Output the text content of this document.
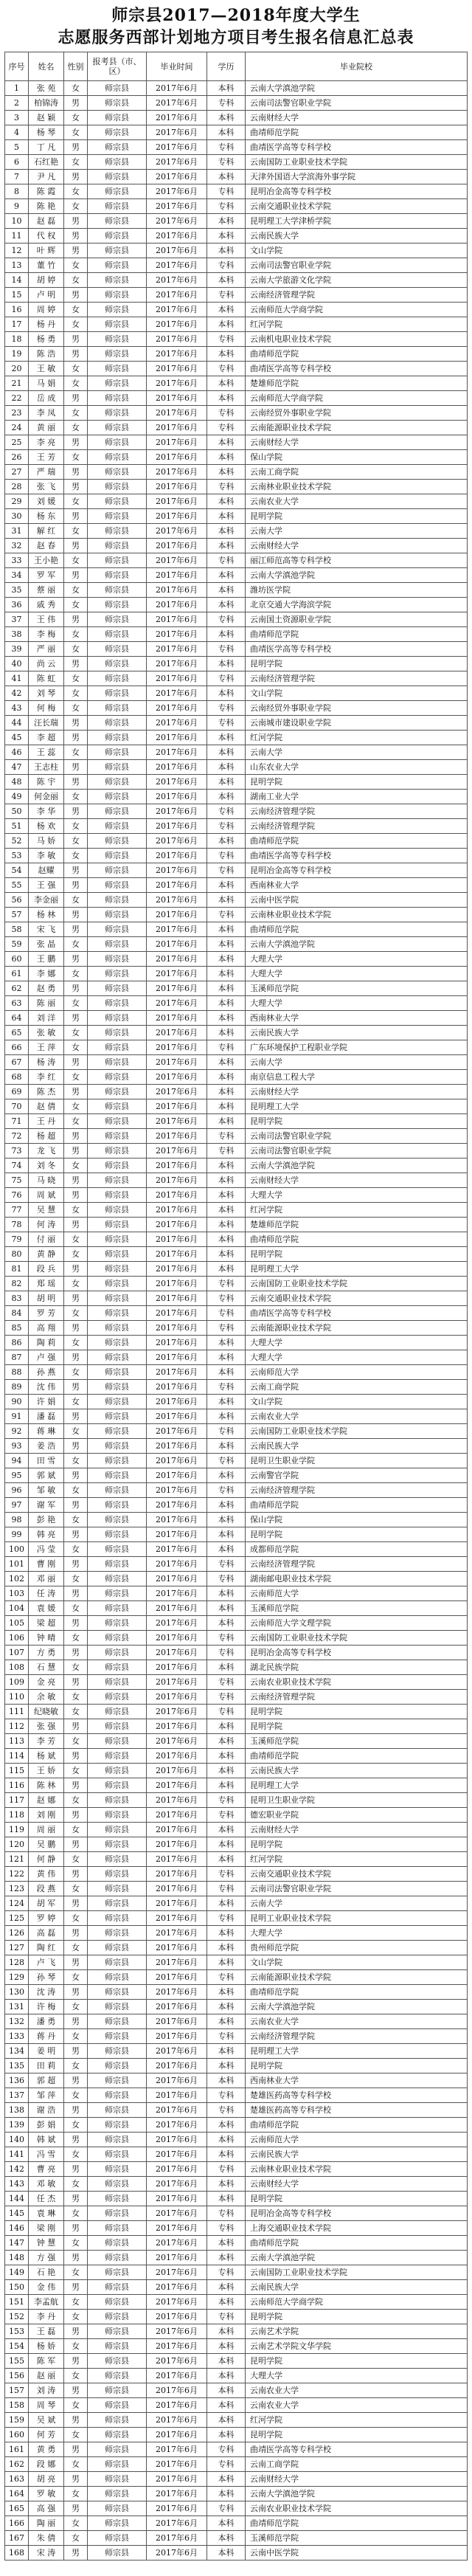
师宗县2017—2018年度大学生
志愿服务西部计划地方项目考生报名信息汇总表
序号	姓名	性别	报考县（市、区）	毕业时间	学历	毕业院校
1	张 苑	女	师宗县	2017年6月	本科	云南大学滇池学院
2	柏锦涛	男	师宗县	2017年6月	专科	云南司法警官职业学院
3	赵 颖	女	师宗县	2017年6月	本科	云南财经大学
4	杨 琴	女	师宗县	2017年6月	本科	曲靖师范学院
5	丁 凡	男	师宗县	2017年6月	专科	曲靖医学高等专科学校
6	石红艳	女	师宗县	2017年6月	专科	云南国防工业职业技术学院
7	尹 凡	男	师宗县	2017年6月	本科	天津外国语大学滨海外事学院
8	陈 霞	女	师宗县	2017年6月	专科	昆明冶金高等专科学校
9	陈 艳	女	师宗县	2017年6月	专科	云南交通职业技术学院
10	赵 磊	男	师宗县	2017年6月	本科	昆明理工大学津桥学院
11	代 权	男	师宗县	2017年6月	本科	云南民族大学
12	叶 辉	男	师宗县	2017年6月	本科	文山学院
13	董 竹	女	师宗县	2017年6月	专科	云南司法警官职业学院
14	胡 婷	女	师宗县	2017年6月	本科	云南大学旅游文化学院
15	卢 明	男	师宗县	2017年6月	专科	云南经济管理学院
16	周 婷	女	师宗县	2017年6月	本科	云南师范大学商学院
17	杨 丹	女	师宗县	2017年6月	本科	红河学院
18	杨 勇	男	师宗县	2017年6月	专科	云南机电职业技术学院
19	陈 浩	男	师宗县	2017年6月	本科	曲靖师范学院
20	王 敏	女	师宗县	2017年6月	专科	曲靖医学高等专科学校
21	马 娟	女	师宗县	2017年6月	本科	楚雄师范学院
22	岳 成	男	师宗县	2017年6月	本科	云南师范大学商学院
23	李 凤	女	师宗县	2017年6月	专科	云南经贸外事职业学院
24	黄 丽	女	师宗县	2017年6月	专科	云南能源职业技术学院
25	李 亮	男	师宗县	2017年6月	本科	云南财经大学
26	王 芳	女	师宗县	2017年6月	本科	保山学院
27	严 瑞	男	师宗县	2017年6月	本科	云南工商学院
28	张 飞	男	师宗县	2017年6月	专科	云南林业职业技术学院
29	刘 媛	女	师宗县	2017年6月	本科	云南农业大学
30	杨 东	男	师宗县	2017年6月	本科	昆明学院
31	解 红	女	师宗县	2017年6月	本科	云南大学
32	赵 春	男	师宗县	2017年6月	本科	云南财经大学
33	王小艳	女	师宗县	2017年6月	专科	丽江师范高等专科学校
34	罗 军	男	师宗县	2017年6月	本科	云南大学滇池学院
35	蔡 丽	女	师宗县	2017年6月	本科	潍坊医学院
36	戚 秀	女	师宗县	2017年6月	本科	北京交通大学海滨学院
37	王 伟	男	师宗县	2017年6月	专科	云南国土资源职业学院
38	李 梅	女	师宗县	2017年6月	本科	曲靖师范学院
39	严 丽	女	师宗县	2017年6月	专科	曲靖医学高等专科学校
40	尚 云	男	师宗县	2017年6月	本科	昆明学院
41	陈 虹	女	师宗县	2017年6月	专科	云南经济管理学院
42	刘 琴	女	师宗县	2017年6月	本科	文山学院
43	何 梅	女	师宗县	2017年6月	专科	云南经贸外事职业学院
44	汪长瑞	男	师宗县	2017年6月	专科	云南城市建设职业学院
45	李 超	男	师宗县	2017年6月	本科	红河学院
46	王 蕊	女	师宗县	2017年6月	本科	云南大学
47	王志柱	男	师宗县	2017年6月	本科	山东农业大学
48	陈 宇	男	师宗县	2017年6月	本科	昆明学院
49	何金丽	女	师宗县	2017年6月	本科	湖南工业大学
50	李 华	男	师宗县	2017年6月	专科	云南经济管理学院
51	杨 欢	女	师宗县	2017年6月	专科	云南经济管理学院
52	马 娇	女	师宗县	2017年6月	本科	曲靖师范学院
53	李 敏	女	师宗县	2017年6月	专科	曲靖医学高等专科学校
54	赵耀	男	师宗县	2017年6月	专科	昆明冶金高等专科学校
55	王 强	男	师宗县	2017年6月	本科	西南林业大学
56	李金丽	女	师宗县	2017年6月	本科	云南中医学院
57	杨 林	男	师宗县	2017年6月	专科	云南林业职业技术学院
58	宋 飞	男	师宗县	2017年6月	本科	曲靖师范学院
59	张 晶	女	师宗县	2017年6月	本科	云南大学滇池学院
60	王 鹏	男	师宗县	2017年6月	本科	大理大学
61	李 娜	女	师宗县	2017年6月	本科	大理大学
62	赵 勇	男	师宗县	2017年6月	本科	玉溪师范学院
63	陈 丽	女	师宗县	2017年6月	本科	大理大学
64	刘 洋	男	师宗县	2017年6月	本科	西南林业大学
65	张 敏	女	师宗县	2017年6月	本科	云南民族大学
66	王 萍	女	师宗县	2017年6月	专科	广东环境保护工程职业学院
67	杨 涛	男	师宗县	2017年6月	本科	云南大学
68	李 红	女	师宗县	2017年6月	本科	南京信息工程大学
69	陈 杰	男	师宗县	2017年6月	本科	云南财经大学
70	赵 倩	女	师宗县	2017年6月	本科	昆明理工大学
71	王 丹	女	师宗县	2017年6月	本科	昆明学院
72	杨 超	男	师宗县	2017年6月	专科	云南司法警官职业学院
73	龙 飞	男	师宗县	2017年6月	专科	云南司法警官职业学院
74	刘 冬	女	师宗县	2017年6月	本科	云南大学滇池学院
75	马 晓	男	师宗县	2017年6月	本科	云南财经大学
76	周 斌	男	师宗县	2017年6月	本科	大理大学
77	吴 慧	女	师宗县	2017年6月	本科	红河学院
78	何 涛	男	师宗县	2017年6月	本科	楚雄师范学院
79	付 丽	女	师宗县	2017年6月	本科	曲靖师范学院
80	黄 静	女	师宗县	2017年6月	本科	昆明学院
81	段 兵	男	师宗县	2017年6月	本科	昆明理工大学
82	郑 瑶	女	师宗县	2017年6月	专科	云南国防工业职业技术学院
83	胡 明	男	师宗县	2017年6月	专科	云南交通职业技术学院
84	罗 芳	女	师宗县	2017年6月	专科	曲靖医学高等专科学校
85	高 翔	男	师宗县	2017年6月	专科	云南能源职业技术学院
86	陶 莉	女	师宗县	2017年6月	本科	大理大学
87	卢 强	男	师宗县	2017年6月	本科	大理大学
88	孙 燕	女	师宗县	2017年6月	本科	云南师范大学
89	沈 伟	男	师宗县	2017年6月	专科	云南工商学院
90	许 娟	女	师宗县	2017年6月	本科	文山学院
91	潘 磊	男	师宗县	2017年6月	本科	云南农业大学
92	蒋 琳	女	师宗县	2017年6月	专科	云南国防工业职业技术学院
93	姜 浩	男	师宗县	2017年6月	本科	云南民族大学
94	田 雪	女	师宗县	2017年6月	专科	昆明卫生职业学院
95	郭 斌	男	师宗县	2017年6月	本科	云南警官学院
96	邹 敏	女	师宗县	2017年6月	专科	云南经济管理学院
97	谢 军	男	师宗县	2017年6月	本科	曲靖师范学院
98	彭 艳	女	师宗县	2017年6月	本科	保山学院
99	韩 亮	男	师宗县	2017年6月	本科	昆明学院
100	冯 莹	女	师宗县	2017年6月	本科	成都师范学院
101	曹 刚	男	师宗县	2017年6月	专科	云南经济管理学院
102	邓 丽	女	师宗县	2017年6月	专科	湖南邮电职业技术学院
103	任 涛	男	师宗县	2017年6月	本科	云南师范大学
104	袁 媛	女	师宗县	2017年6月	本科	玉溪师范学院
105	梁 超	男	师宗县	2017年6月	本科	云南师范大学文理学院
106	钟 晴	女	师宗县	2017年6月	专科	云南国防工业职业技术学院
107	方 勇	男	师宗县	2017年6月	专科	昆明冶金高等专科学校
108	石 慧	女	师宗县	2017年6月	本科	湖北民族学院
109	金 亮	男	师宗县	2017年6月	专科	云南农业职业技术学院
110	余 敏	女	师宗县	2017年6月	专科	云南经济管理学院
111	纪晓敏	女	师宗县	2017年6月	专科	昆明学院
112	张 强	男	师宗县	2017年6月	本科	昆明学院
113	李 芳	女	师宗县	2017年6月	本科	玉溪师范学院
114	杨 斌	男	师宗县	2017年6月	本科	曲靖师范学院
115	王 娇	女	师宗县	2017年6月	本科	云南民族大学
116	陈 林	男	师宗县	2017年6月	本科	昆明理工大学
117	赵 娜	女	师宗县	2017年6月	专科	昆明卫生职业学院
118	刘 刚	男	师宗县	2017年6月	专科	德宏职业学院
119	周 丽	女	师宗县	2017年6月	本科	云南财经大学
120	吴 鹏	男	师宗县	2017年6月	本科	昆明学院
121	何 静	女	师宗县	2017年6月	本科	红河学院
122	黄 伟	男	师宗县	2017年6月	专科	云南交通职业技术学院
123	段 燕	女	师宗县	2017年6月	专科	云南司法警官职业学院
124	胡 军	男	师宗县	2017年6月	本科	云南大学
125	罗 婷	女	师宗县	2017年6月	专科	昆明工业职业技术学院
126	高 磊	男	师宗县	2017年6月	本科	大理大学
127	陶 红	女	师宗县	2017年6月	本科	贵州师范学院
128	卢 飞	男	师宗县	2017年6月	本科	文山学院
129	孙 琴	女	师宗县	2017年6月	专科	云南能源职业技术学院
130	沈 涛	男	师宗县	2017年6月	本科	曲靖师范学院
131	许 梅	女	师宗县	2017年6月	本科	云南大学滇池学院
132	潘 勇	男	师宗县	2017年6月	本科	云南农业大学
133	蒋 丹	女	师宗县	2017年6月	专科	云南经济管理学院
134	姜 明	男	师宗县	2017年6月	本科	昆明理工大学
135	田 莉	女	师宗县	2017年6月	本科	昆明学院
136	郭 超	男	师宗县	2017年6月	本科	西南林业大学
137	邹 萍	女	师宗县	2017年6月	专科	楚雄医药高等专科学校
138	谢 浩	男	师宗县	2017年6月	专科	楚雄医药高等专科学校
139	彭 娟	女	师宗县	2017年6月	本科	曲靖师范学院
140	韩 斌	男	师宗县	2017年6月	本科	云南师范大学
141	冯 雪	女	师宗县	2017年6月	本科	云南民族大学
142	曹 亮	男	师宗县	2017年6月	专科	云南林业职业技术学院
143	邓 敏	女	师宗县	2017年6月	本科	云南财经大学
144	任 杰	男	师宗县	2017年6月	本科	昆明学院
145	袁 琳	女	师宗县	2017年6月	专科	昆明冶金高等专科学校
146	梁 刚	男	师宗县	2017年6月	专科	上海交通职业技术学院
147	钟 慧	女	师宗县	2017年6月	本科	曲靖师范学院
148	方 强	男	师宗县	2017年6月	本科	云南大学滇池学院
149	石 艳	女	师宗县	2017年6月	专科	云南国防工业职业技术学院
150	金 伟	男	师宗县	2017年6月	本科	云南民族大学
151	李孟航	女	师宗县	2017年6月	本科	云南师范大学商学院
152	李 丹	女	师宗县	2017年6月	专科	昆明学院
153	王 磊	男	师宗县	2017年6月	本科	云南艺术学院
154	杨 娇	女	师宗县	2017年6月	本科	云南艺术学院文华学院
155	陈 军	男	师宗县	2017年6月	本科	昆明学院
156	赵 丽	女	师宗县	2017年6月	本科	大理大学
157	刘 涛	男	师宗县	2017年6月	本科	云南农业大学
158	周 琴	女	师宗县	2017年6月	本科	云南农业大学
159	吴 斌	男	师宗县	2017年6月	本科	红河学院
160	何 芳	女	师宗县	2017年6月	本科	昆明学院
161	黄 勇	男	师宗县	2017年6月	专科	曲靖医学高等专科学校
162	段 娜	女	师宗县	2017年6月	专科	云南工商学院
163	胡 亮	男	师宗县	2017年6月	本科	云南财经大学
164	罗 敏	女	师宗县	2017年6月	本科	云南大学滇池学院
165	高 强	男	师宗县	2017年6月	专科	云南农业职业技术学院
166	陶 丽	女	师宗县	2017年6月	本科	曲靖师范学院
167	朱 倩	女	师宗县	2017年6月	本科	玉溪师范学院
168	宋 涛	男	师宗县	2017年6月	本科	云南中医学院
